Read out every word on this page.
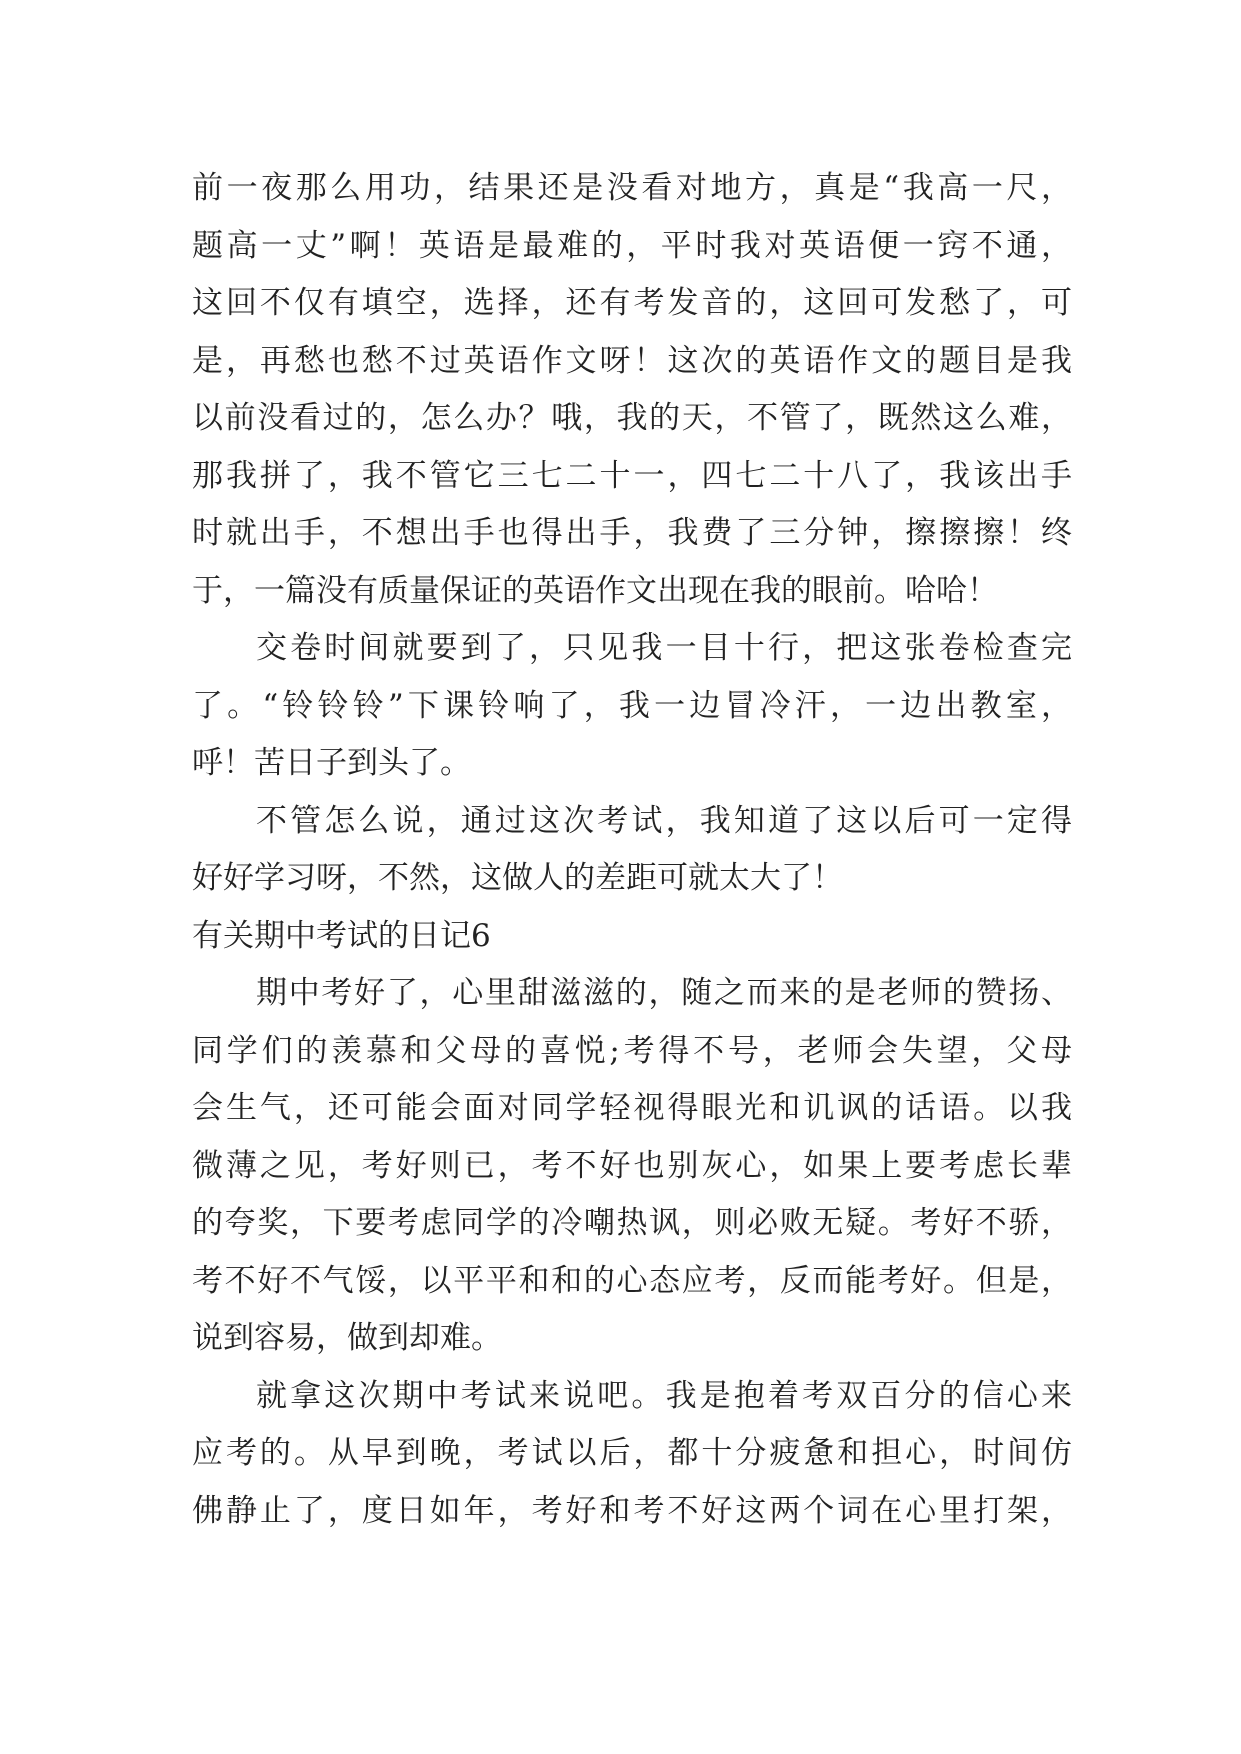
前一夜那么用功，结果还是没看对地方，真是“我高一尺，
题高一丈”啊！英语是最难的，平时我对英语便一窍不通，
这回不仅有填空，选择，还有考发音的，这回可发愁了，可
是，再愁也愁不过英语作文呀！这次的英语作文的题目是我
以前没看过的，怎么办？哦，我的天，不管了，既然这么难，
那我拼了，我不管它三七二十一，四七二十八了，我该出手
时就出手，不想出手也得出手，我费了三分钟，擦擦擦！终
于，一篇没有质量保证的英语作文出现在我的眼前。哈哈！
交卷时间就要到了，只见我一目十行，把这张卷检查完
了。“铃铃铃”下课铃响了，我一边冒冷汗，一边出教室，
呼！苦日子到头了。
不管怎么说，通过这次考试，我知道了这以后可一定得
好好学习呀，不然，这做人的差距可就太大了！
有关期中考试的日记6
期中考好了，心里甜滋滋的，随之而来的是老师的赞扬、
同学们的羡慕和父母的喜悦;考得不号，老师会失望，父母
会生气，还可能会面对同学轻视得眼光和讥讽的话语。以我
微薄之见，考好则已，考不好也别灰心，如果上要考虑长辈
的夸奖，下要考虑同学的冷嘲热讽，则必败无疑。考好不骄，
考不好不气馁，以平平和和的心态应考，反而能考好。但是，
说到容易，做到却难。
就拿这次期中考试来说吧。我是抱着考双百分的信心来
应考的。从早到晚，考试以后，都十分疲惫和担心，时间仿
佛静止了，度日如年，考好和考不好这两个词在心里打架，
